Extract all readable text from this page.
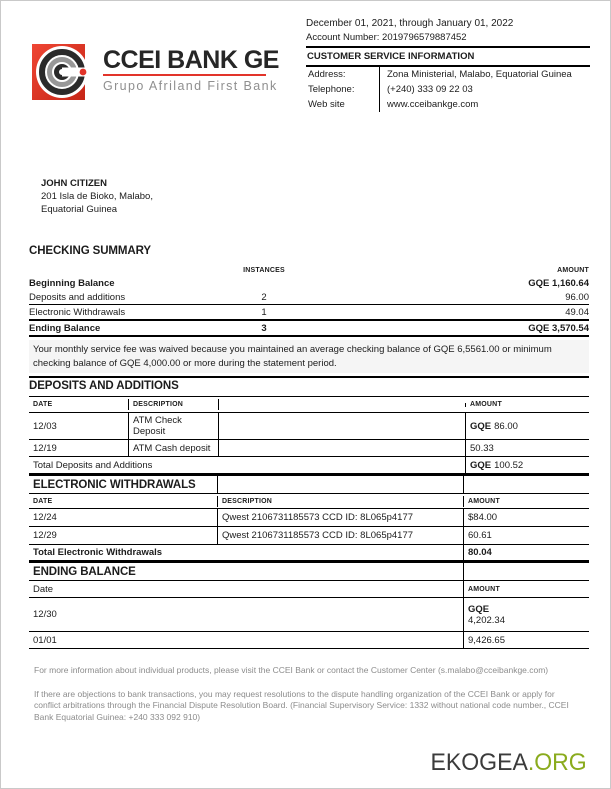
CCEI BANK GE
Grupo Afriland First Bank
December 01, 2021, through January 01, 2022
Account Number: 2019796579887452
CUSTOMER SERVICE INFORMATION
Address:	Zona Ministerial, Malabo, Equatorial Guinea
Telephone:	(+240) 333 09 22 03
Web site	www.cceibankge.com
JOHN CITIZEN
201 Isla de Bioko, Malabo,
Equatorial Guinea
CHECKING SUMMARY
INSTANCES	AMOUNT
Beginning Balance	GQE 1,160.64
Deposits and additions	2	96.00
Electronic Withdrawals	1	49.04
Ending Balance	3	GQE 3,570.54
Your monthly service fee was waived because you maintained an average checking balance of GQE 6,5561.00 or minimum checking balance of GQE 4,000.00 or more during the statement period.
DEPOSITS AND ADDITIONS
DATE	DESCRIPTION	AMOUNT
12/03	ATM Check Deposit	GQE 86.00
12/19	ATM Cash deposit	50.33
Total Deposits and Additions	GQE 100.52
ELECTRONIC WITHDRAWALS
DATE	DESCRIPTION	AMOUNT
12/24	Qwest 2106731185573 CCD ID: 8L065p4177	$84.00
12/29	Qwest 2106731185573 CCD ID: 8L065p4177	60.61
Total Electronic Withdrawals	80.04
ENDING BALANCE
Date	AMOUNT
12/30	GQE
4,202.34
01/01	9,426.65

For more information about individual products, please visit the CCEI Bank or contact the Customer Center (s.malabo@cceibankge.com)

If there are objections to bank transactions, you may request resolutions to the dispute handling organization of the CCEI Bank or apply for conflict arbitrations through the Financial Dispute Resolution Board. (Financial Supervisory Service: 1332 without national code number., CCEI Bank Equatorial Guinea: +240 333 092 910)

EKOGEA.ORG
